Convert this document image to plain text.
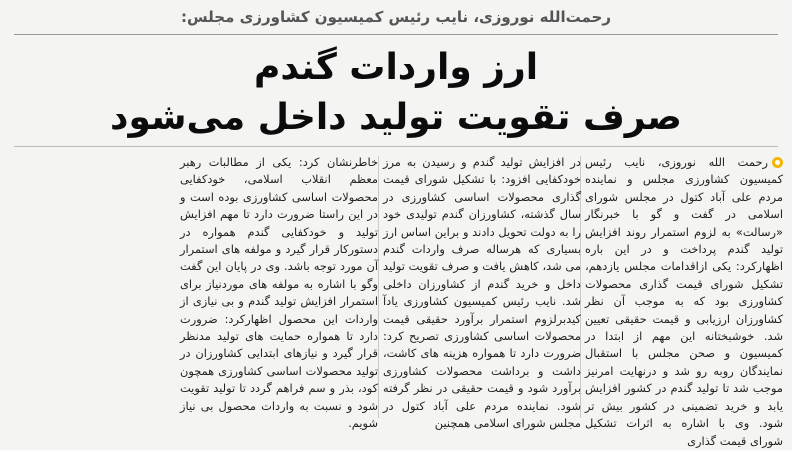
رحمت‌الله نوروزی، نایب رئیس کمیسیون کشاورزی مجلس:
ارز واردات گندم
صرف تقویت تولید داخل می‌شود

رحمت الله نوروزی، نایب رئیس کمیسیون کشاورزی مجلس و نماینده مردم علی آباد کتول در مجلس شورای اسلامی در گفت و گو با خبرنگار «رسالت» به لزوم استمرار روند افزایش تولید گندم پرداخت و در این باره اظهارکرد: یکی ازاقدامات مجلس یازدهم، تشکیل شورای قیمت گذاری محصولات کشاورزی بود که به موجب آن نظر کشاورزان ارزیابی و قیمت حقیقی تعیین شد. خوشبختانه این مهم از ابتدا در کمیسیون و صحن مجلس با استقبال نمایندگان روبه رو شد و درنهایت امرنیز موجب شد تا تولید گندم در کشور افزایش یابد و خرید تضمینی در کشور بیش تر شود. وی با اشاره به اثرات تشکیل شورای قیمت گذاری

در افزایش تولید گندم و رسیدن به مرز خودکفایی افزود: با تشکیل شورای قیمت گذاری محصولات اساسی کشاورزی در سال گذشته، کشاورزان گندم تولیدی خود را به دولت تحویل دادند و براین اساس ارز بسیاری که هرساله صرف واردات گندم می شد، کاهش یافت و صرف تقویت تولید داخل و خرید گندم از کشاورزان داخلی شد. نایب رئیس کمیسیون کشاورزی یادآ کیدبرلزوم استمرار برآورد حقیقی قیمت محصولات اساسی کشاورزی تصریح کرد: ضرورت دارد تا همواره هزینه های کاشت، داشت و برداشت محصولات کشاورزی برآورد شود و قیمت حقیقی در نظر گرفته شود. نماینده مردم علی آباد کتول در مجلس شورای اسلامی همچنین

خاطرنشان کرد: یکی از مطالبات رهبر معظم انقلاب اسلامی، خودکفایی محصولات اساسی کشاورزی بوده است و در این راستا ضرورت دارد تا مهم افزایش تولید و خودکفایی گندم همواره در دستورکار قرار گیرد و مولفه های استمرار آن مورد توجه باشد. وی در پایان این گفت وگو با اشاره به مولفه های موردنیاز برای استمرار افزایش تولید گندم و بی نیازی از واردات این محصول اظهارکرد: ضرورت دارد تا همواره حمایت های تولید مدنظر قرار گیرد و نیازهای ابتدایی کشاورزان در تولید محصولات اساسی کشاورزی همچون کود، بذر و سم فراهم گردد تا تولید تقویت شود و نسبت به واردات محصول بی نیاز شویم.
